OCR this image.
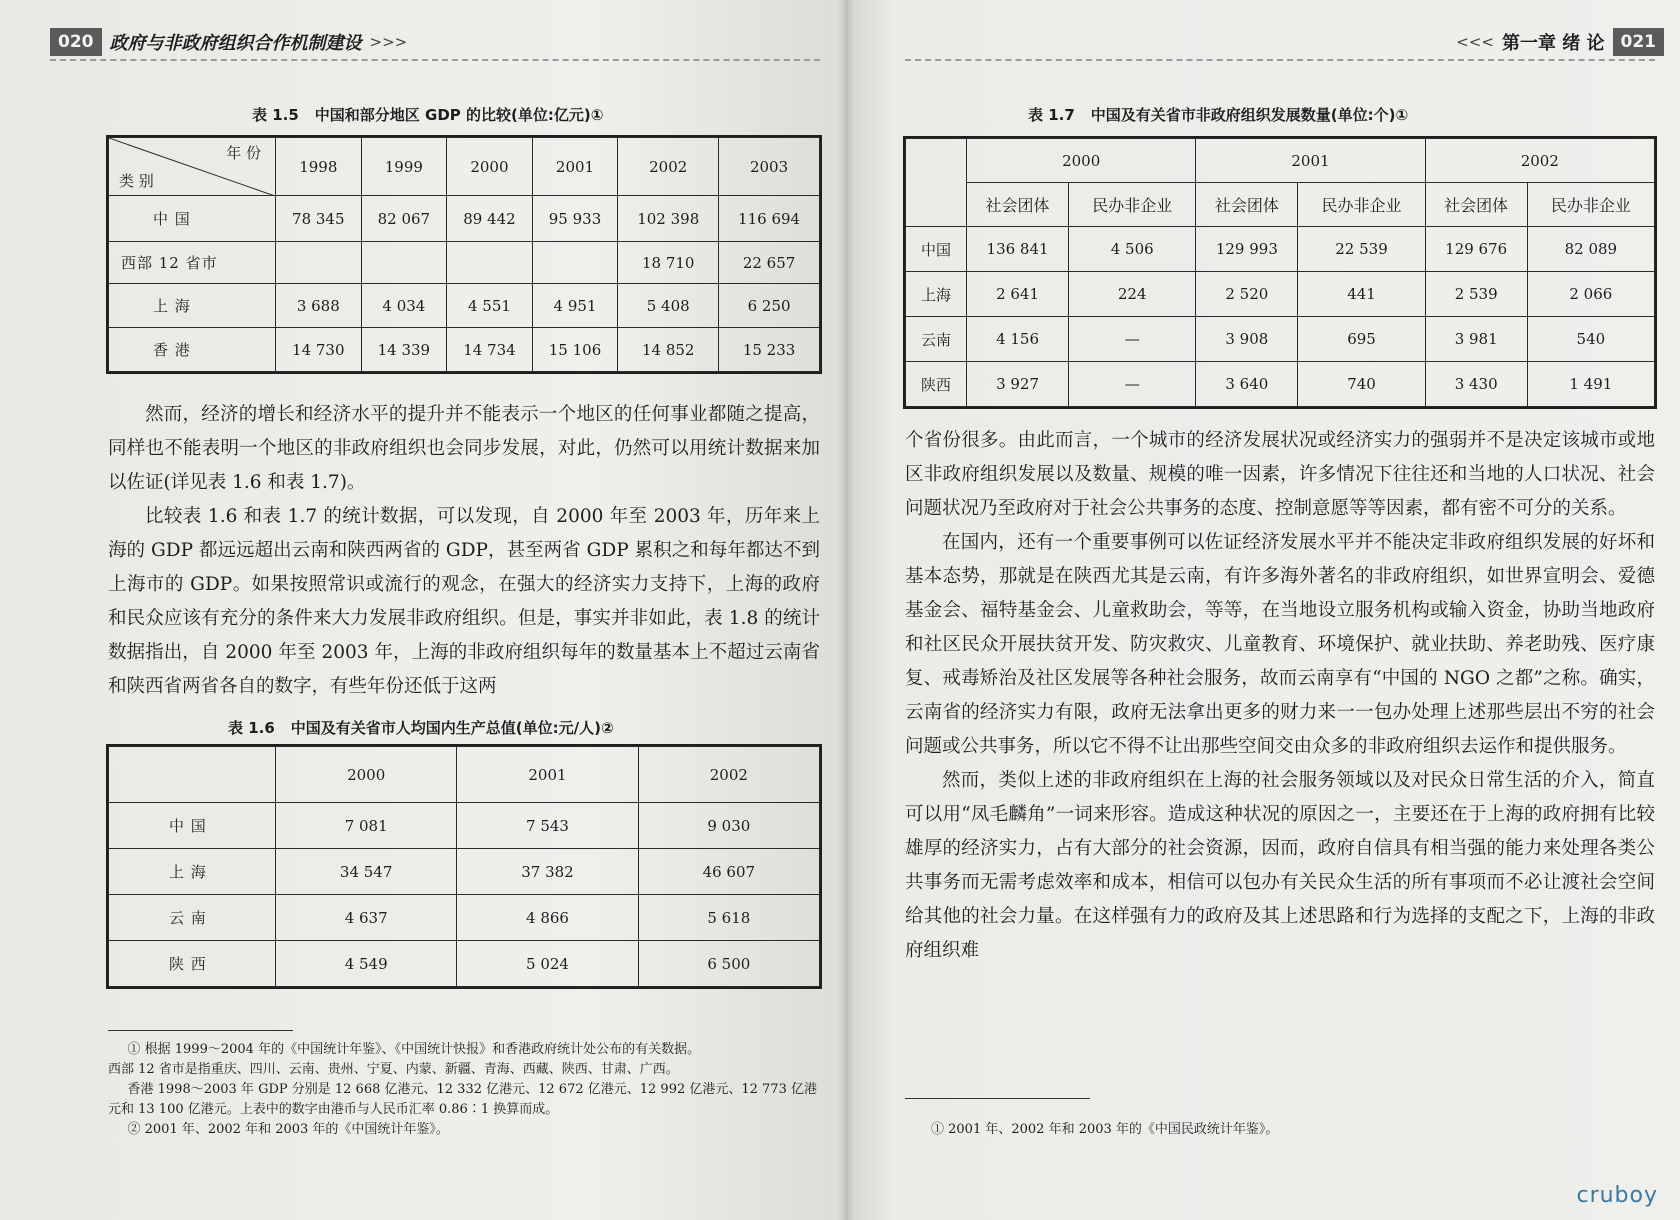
020 政府与非政府组织合作机制建设 >>>
表 1.5 中国和部分地区 GDP 的比较(单位:亿元)①
年 份
类 别	1998	1999	2000	2001	2002	2003
中 国	78 345	82 067	89 442	95 933	102 398	116 694
西部 12 省市					18 710	22 657
上 海	3 688	4 034	4 551	4 951	5 408	6 250
香 港	14 730	14 339	14 734	15 106	14 852	15 233

然而，经济的增长和经济水平的提升并不能表示一个地区的任何事业都随之提高，同样也不能表明一个地区的非政府组织也会同步发展，对此，仍然可以用统计数据来加以佐证(详见表 1.6 和表 1.7)。

比较表 1.6 和表 1.7 的统计数据，可以发现，自 2000 年至 2003 年，历年来上海的 GDP 都远远超出云南和陕西两省的 GDP，甚至两省 GDP 累积之和每年都达不到上海市的 GDP。如果按照常识或流行的观念，在强大的经济实力支持下，上海的政府和民众应该有充分的条件来大力发展非政府组织。但是，事实并非如此，表 1.8 的统计数据指出，自 2000 年至 2003 年，上海的非政府组织每年的数量基本上不超过云南省和陕西省两省各自的数字，有些年份还低于这两

表 1.6 中国及有关省市人均国内生产总值(单位:元/人)②
	2000	2001	2002
中 国	7 081	7 543	9 030
上 海	34 547	37 382	46 607
云 南	4 637	4 866	5 618
陕 西	4 549	5 024	6 500

① 根据 1999～2004 年的《中国统计年鉴》、《中国统计快报》和香港政府统计处公布的有关数据。

西部 12 省市是指重庆、四川、云南、贵州、宁夏、内蒙、新疆、青海、西藏、陕西、甘肃、广西。

香港 1998～2003 年 GDP 分别是 12 668 亿港元、12 332 亿港元、12 672 亿港元、12 992 亿港元、12 773 亿港元和 13 100 亿港元。上表中的数字由港币与人民币汇率 0.86∶1 换算而成。

② 2001 年、2002 年和 2003 年的《中国统计年鉴》。

<<< 第一章 绪 论 021
表 1.7 中国及有关省市非政府组织发展数量(单位:个)①
	2000		2001		2002	
	社会团体	民办非企业	社会团体	民办非企业	社会团体	民办非企业
中国	136 841	4 506	129 993	22 539	129 676	82 089
上海	2 641	224	2 520	441	2 539	2 066
云南	4 156	—	3 908	695	3 981	540
陕西	3 927	—	3 640	740	3 430	1 491

个省份很多。由此而言，一个城市的经济发展状况或经济实力的强弱并不是决定该城市或地区非政府组织发展以及数量、规模的唯一因素，许多情况下往往还和当地的人口状况、社会问题状况乃至政府对于社会公共事务的态度、控制意愿等等因素，都有密不可分的关系。

在国内，还有一个重要事例可以佐证经济发展水平并不能决定非政府组织发展的好坏和基本态势，那就是在陕西尤其是云南，有许多海外著名的非政府组织，如世界宣明会、爱德基金会、福特基金会、儿童救助会，等等，在当地设立服务机构或输入资金，协助当地政府和社区民众开展扶贫开发、防灾救灾、儿童教育、环境保护、就业扶助、养老助残、医疗康复、戒毒矫治及社区发展等各种社会服务，故而云南享有“中国的 NGO 之都”之称。确实，云南省的经济实力有限，政府无法拿出更多的财力来一一包办处理上述那些层出不穷的社会问题或公共事务，所以它不得不让出那些空间交由众多的非政府组织去运作和提供服务。

然而，类似上述的非政府组织在上海的社会服务领域以及对民众日常生活的介入，简直可以用“凤毛麟角”一词来形容。造成这种状况的原因之一，主要还在于上海的政府拥有比较雄厚的经济实力，占有大部分的社会资源，因而，政府自信具有相当强的能力来处理各类公共事务而无需考虑效率和成本，相信可以包办有关民众生活的所有事项而不必让渡社会空间给其他的社会力量。在这样强有力的政府及其上述思路和行为选择的支配之下，上海的非政府组织难

① 2001 年、2002 年和 2003 年的《中国民政统计年鉴》。

cruboy
